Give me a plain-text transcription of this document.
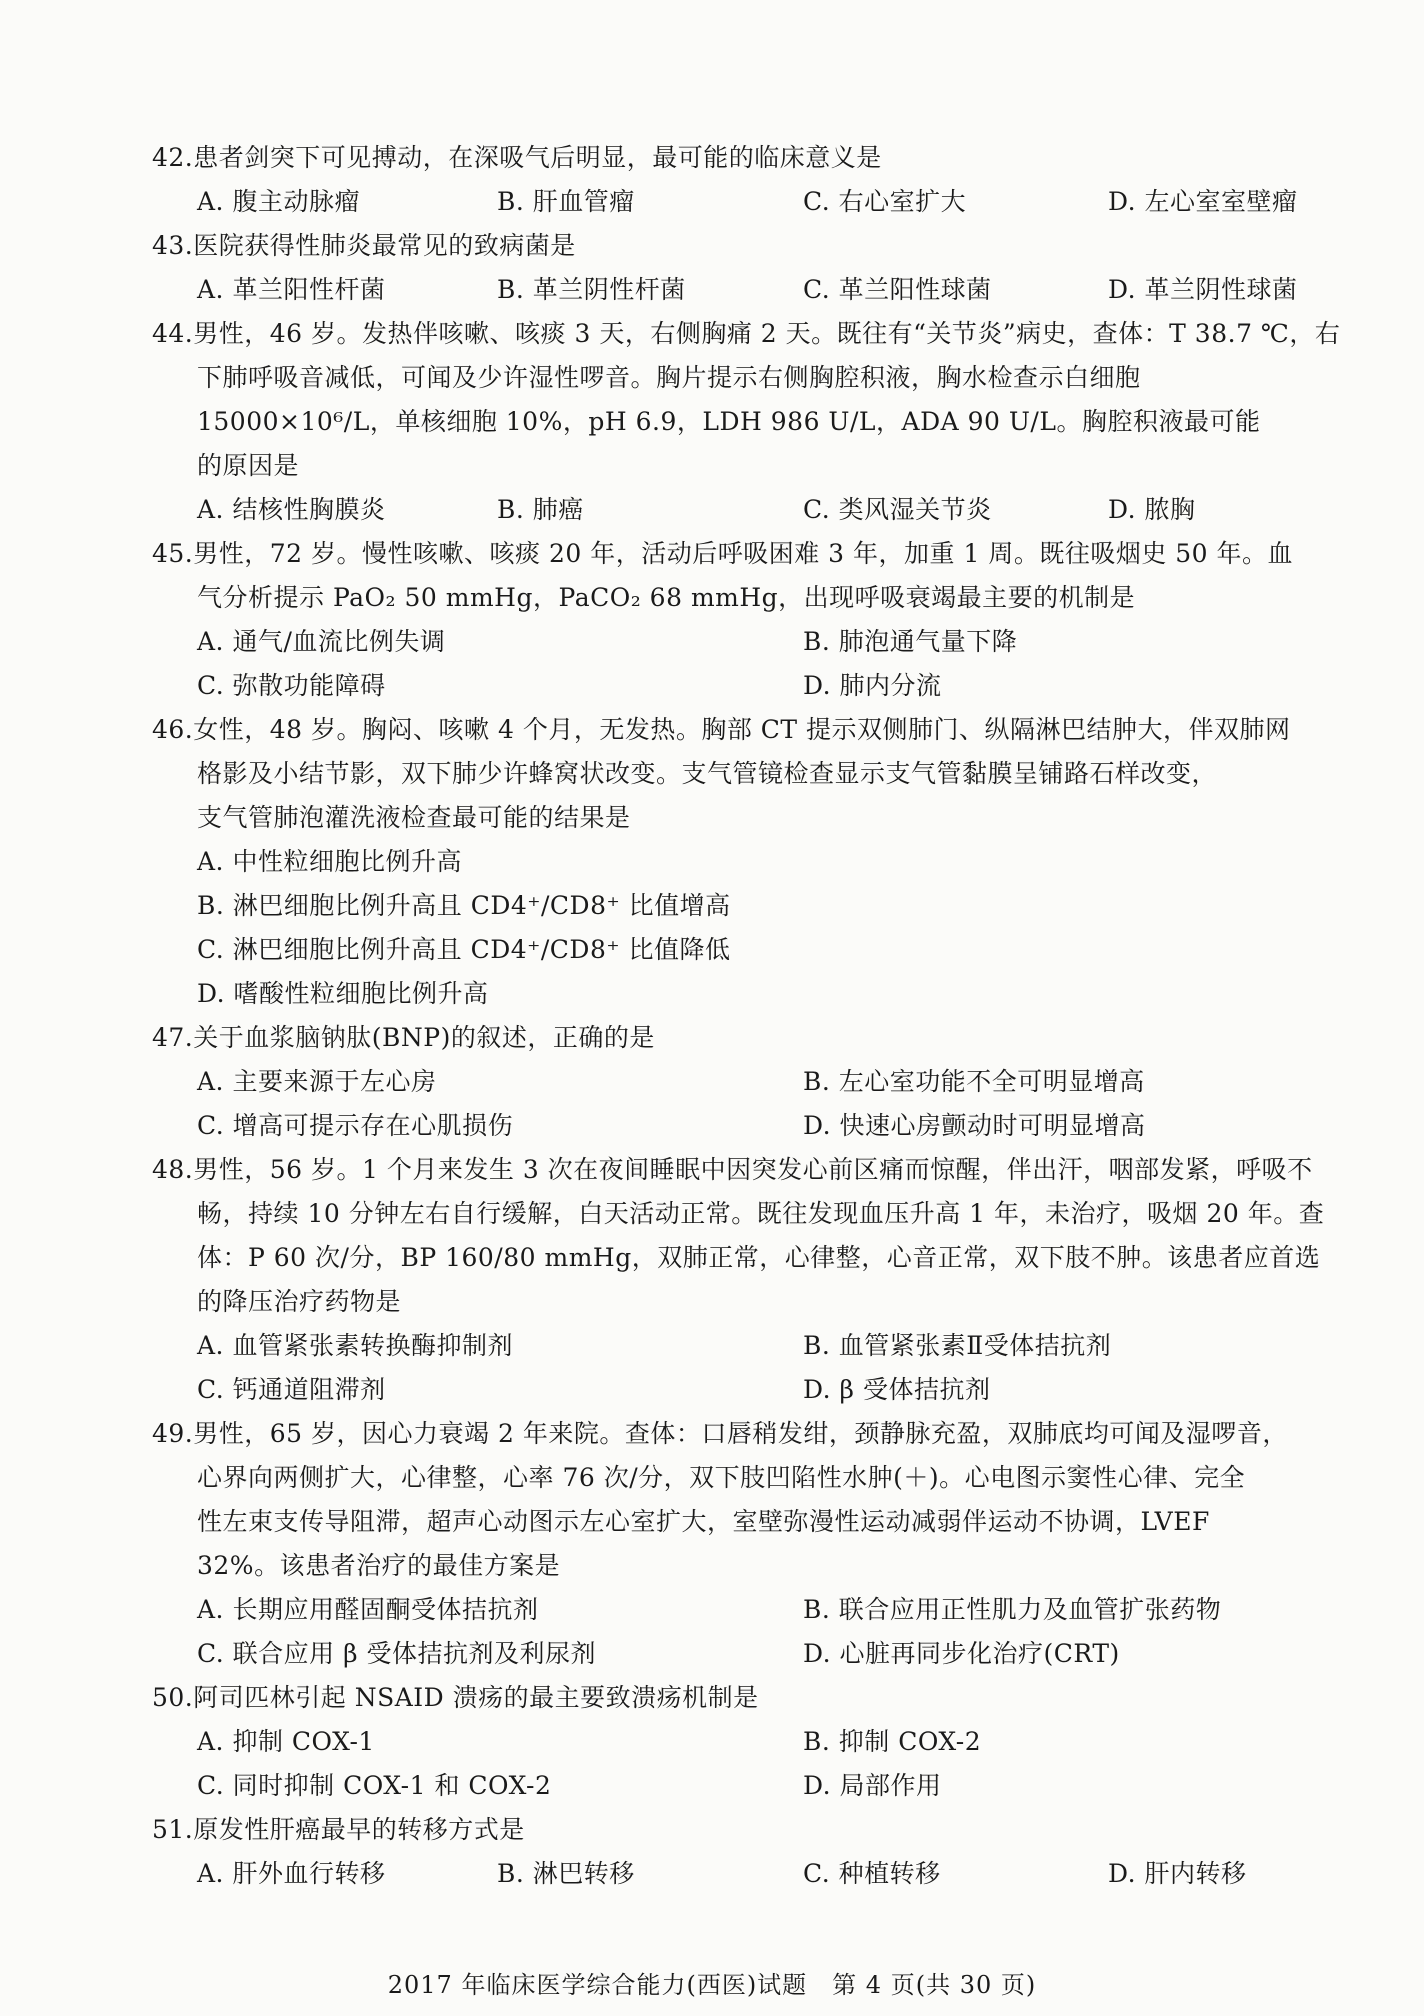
42.患者剑突下可见搏动，在深吸气后明显，最可能的临床意义是
A. 腹主动脉瘤	B. 肝血管瘤	C. 右心室扩大	D. 左心室室壁瘤
43.医院获得性肺炎最常见的致病菌是
A. 革兰阳性杆菌	B. 革兰阴性杆菌	C. 革兰阳性球菌	D. 革兰阴性球菌
44.男性，46 岁。发热伴咳嗽、咳痰 3 天，右侧胸痛 2 天。既往有“关节炎”病史，查体：T 38.7 ℃，右
下肺呼吸音减低，可闻及少许湿性啰音。胸片提示右侧胸腔积液，胸水检查示白细胞
15000×10⁶/L，单核细胞 10%，pH 6.9，LDH 986 U/L，ADA 90 U/L。胸腔积液最可能
的原因是
A. 结核性胸膜炎	B. 肺癌	C. 类风湿关节炎	D. 脓胸
45.男性，72 岁。慢性咳嗽、咳痰 20 年，活动后呼吸困难 3 年，加重 1 周。既往吸烟史 50 年。血
气分析提示 PaO₂ 50 mmHg，PaCO₂ 68 mmHg，出现呼吸衰竭最主要的机制是
A. 通气/血流比例失调	B. 肺泡通气量下降
C. 弥散功能障碍	D. 肺内分流
46.女性，48 岁。胸闷、咳嗽 4 个月，无发热。胸部 CT 提示双侧肺门、纵隔淋巴结肿大，伴双肺网
格影及小结节影，双下肺少许蜂窝状改变。支气管镜检查显示支气管黏膜呈铺路石样改变，
支气管肺泡灌洗液检查最可能的结果是
A. 中性粒细胞比例升高
B. 淋巴细胞比例升高且 CD4⁺/CD8⁺ 比值增高
C. 淋巴细胞比例升高且 CD4⁺/CD8⁺ 比值降低
D. 嗜酸性粒细胞比例升高
47.关于血浆脑钠肽(BNP)的叙述，正确的是
A. 主要来源于左心房	B. 左心室功能不全可明显增高
C. 增高可提示存在心肌损伤	D. 快速心房颤动时可明显增高
48.男性，56 岁。1 个月来发生 3 次在夜间睡眠中因突发心前区痛而惊醒，伴出汗，咽部发紧，呼吸不
畅，持续 10 分钟左右自行缓解，白天活动正常。既往发现血压升高 1 年，未治疗，吸烟 20 年。查
体：P 60 次/分，BP 160/80 mmHg，双肺正常，心律整，心音正常，双下肢不肿。该患者应首选
的降压治疗药物是
A. 血管紧张素转换酶抑制剂	B. 血管紧张素Ⅱ受体拮抗剂
C. 钙通道阻滞剂	D. β 受体拮抗剂
49.男性，65 岁，因心力衰竭 2 年来院。查体：口唇稍发绀，颈静脉充盈，双肺底均可闻及湿啰音，
心界向两侧扩大，心律整，心率 76 次/分，双下肢凹陷性水肿(＋)。心电图示窦性心律、完全
性左束支传导阻滞，超声心动图示左心室扩大，室壁弥漫性运动减弱伴运动不协调，LVEF
32%。该患者治疗的最佳方案是
A. 长期应用醛固酮受体拮抗剂	B. 联合应用正性肌力及血管扩张药物
C. 联合应用 β 受体拮抗剂及利尿剂	D. 心脏再同步化治疗(CRT)
50.阿司匹林引起 NSAID 溃疡的最主要致溃疡机制是
A. 抑制 COX-1	B. 抑制 COX-2
C. 同时抑制 COX-1 和 COX-2	D. 局部作用
51.原发性肝癌最早的转移方式是
A. 肝外血行转移	B. 淋巴转移	C. 种植转移	D. 肝内转移
2017 年临床医学综合能力(西医)试题　第 4 页(共 30 页)
